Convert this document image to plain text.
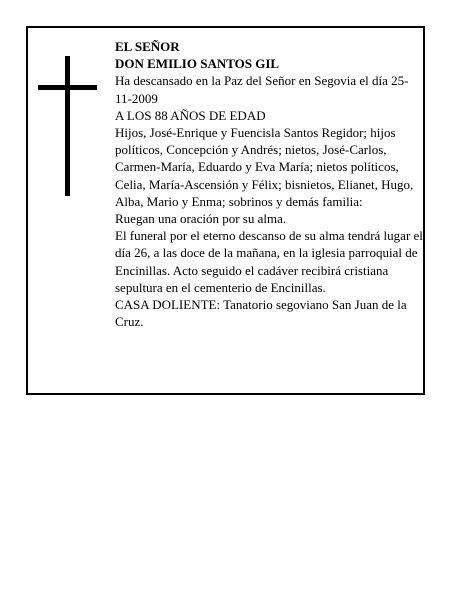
EL SEÑOR

DON EMILIO SANTOS GIL

Ha descansado en la Paz del Señor en Segovia el día 25-11-2009

A LOS 88 AÑOS DE EDAD

Hijos, José-Enrique y Fuencisla Santos Regidor; hijos políticos, Concepción y Andrés; nietos, José-Carlos, Carmen-María, Eduardo y Eva María; nietos políticos, Celia, María-Ascensión y Félix; bisnietos, Elianet, Hugo, Alba, Mario y Enma; sobrinos y demás familia:

Ruegan una oración por su alma.

El funeral por el eterno descanso de su alma tendrá lugar el día 26, a las doce de la mañana, en la iglesia parroquial de Encinillas. Acto seguido el cadáver recibirá cristiana sepultura en el cementerio de Encinillas.

CASA DOLIENTE: Tanatorio segoviano San Juan de la Cruz.
